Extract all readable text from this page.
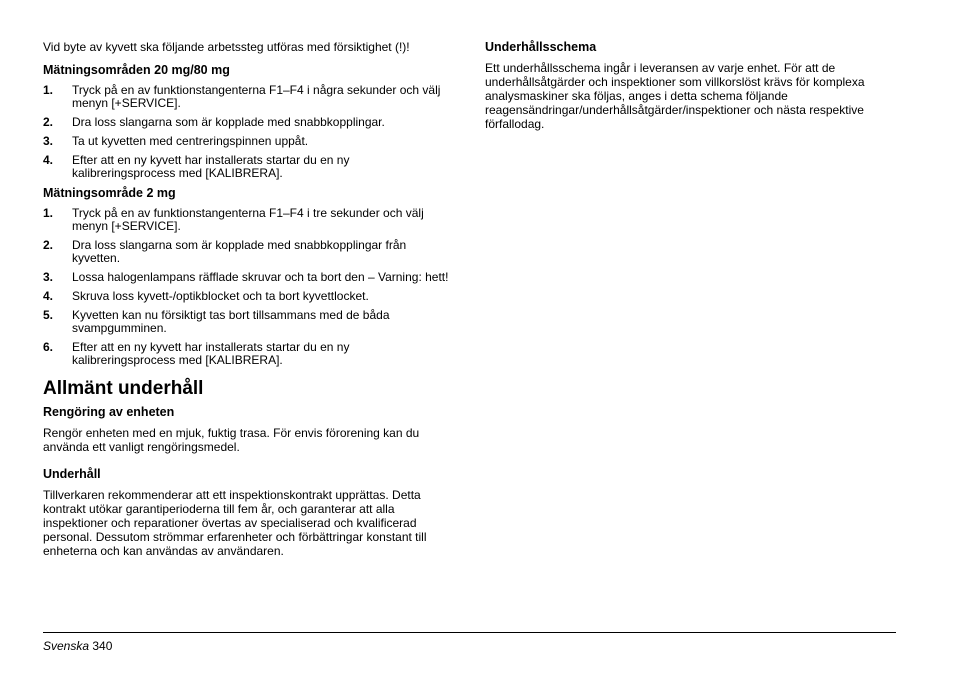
Vid byte av kyvett ska följande arbetssteg utföras med försiktighet (!)!

Mätningsområden 20 mg/80 mg
1.	Tryck på en av funktionstangenterna F1–F4 i några sekunder och välj menyn [+SERVICE].
2.	Dra loss slangarna som är kopplade med snabbkopplingar.
3.	Ta ut kyvetten med centreringspinnen uppåt.
4.	Efter att en ny kyvett har installerats startar du en ny kalibreringsprocess med [KALIBRERA].
Mätningsområde 2 mg
1.	Tryck på en av funktionstangenterna F1–F4 i tre sekunder och välj menyn [+SERVICE].
2.	Dra loss slangarna som är kopplade med snabbkopplingar från kyvetten.
3.	Lossa halogenlampans räfflade skruvar och ta bort den – Varning: hett!
4.	Skruva loss kyvett-/optikblocket och ta bort kyvettlocket.
5.	Kyvetten kan nu försiktigt tas bort tillsammans med de båda svampgumminen.
6.	Efter att en ny kyvett har installerats startar du en ny kalibreringsprocess med [KALIBRERA].
Allmänt underhåll
Rengöring av enheten

Rengör enheten med en mjuk, fuktig trasa. För envis förorening kan du använda ett vanligt rengöringsmedel.

Underhåll

Tillverkaren rekommenderar att ett inspektionskontrakt upprättas. Detta kontrakt utökar garantiperioderna till fem år, och garanterar att alla inspektioner och reparationer övertas av specialiserad och kvalificerad personal. Dessutom strömmar erfarenheter och förbättringar konstant till enheterna och kan användas av användaren.

Underhållsschema

Ett underhållsschema ingår i leveransen av varje enhet. För att de underhållsåtgärder och inspektioner som villkorslöst krävs för komplexa analysmaskiner ska följas, anges i detta schema följande reagensändringar/underhållsåtgärder/inspektioner och nästa respektive förfallodag.

Svenska 340
